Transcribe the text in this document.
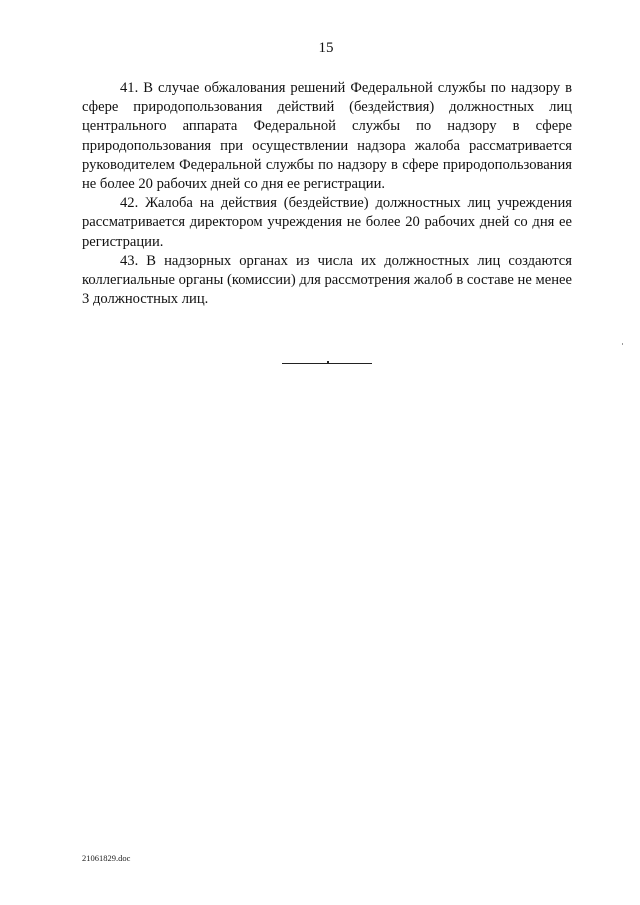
15

41. В случае обжалования решений Федеральной службы по надзору в сфере природопользования действий (бездействия) должностных лиц центрального аппарата Федеральной службы по надзору в сфере природопользования при осуществлении надзора жалоба рассматривается руководителем Федеральной службы по надзору в сфере природопользования не более 20 рабочих дней со дня ее регистрации.

42. Жалоба на действия (бездействие) должностных лиц учреждения рассматривается директором учреждения не более 20 рабочих дней со дня ее регистрации.

43. В надзорных органах из числа их должностных лиц создаются коллегиальные органы (комиссии) для рассмотрения жалоб в составе не менее 3 должностных лиц.

21061829.doc
